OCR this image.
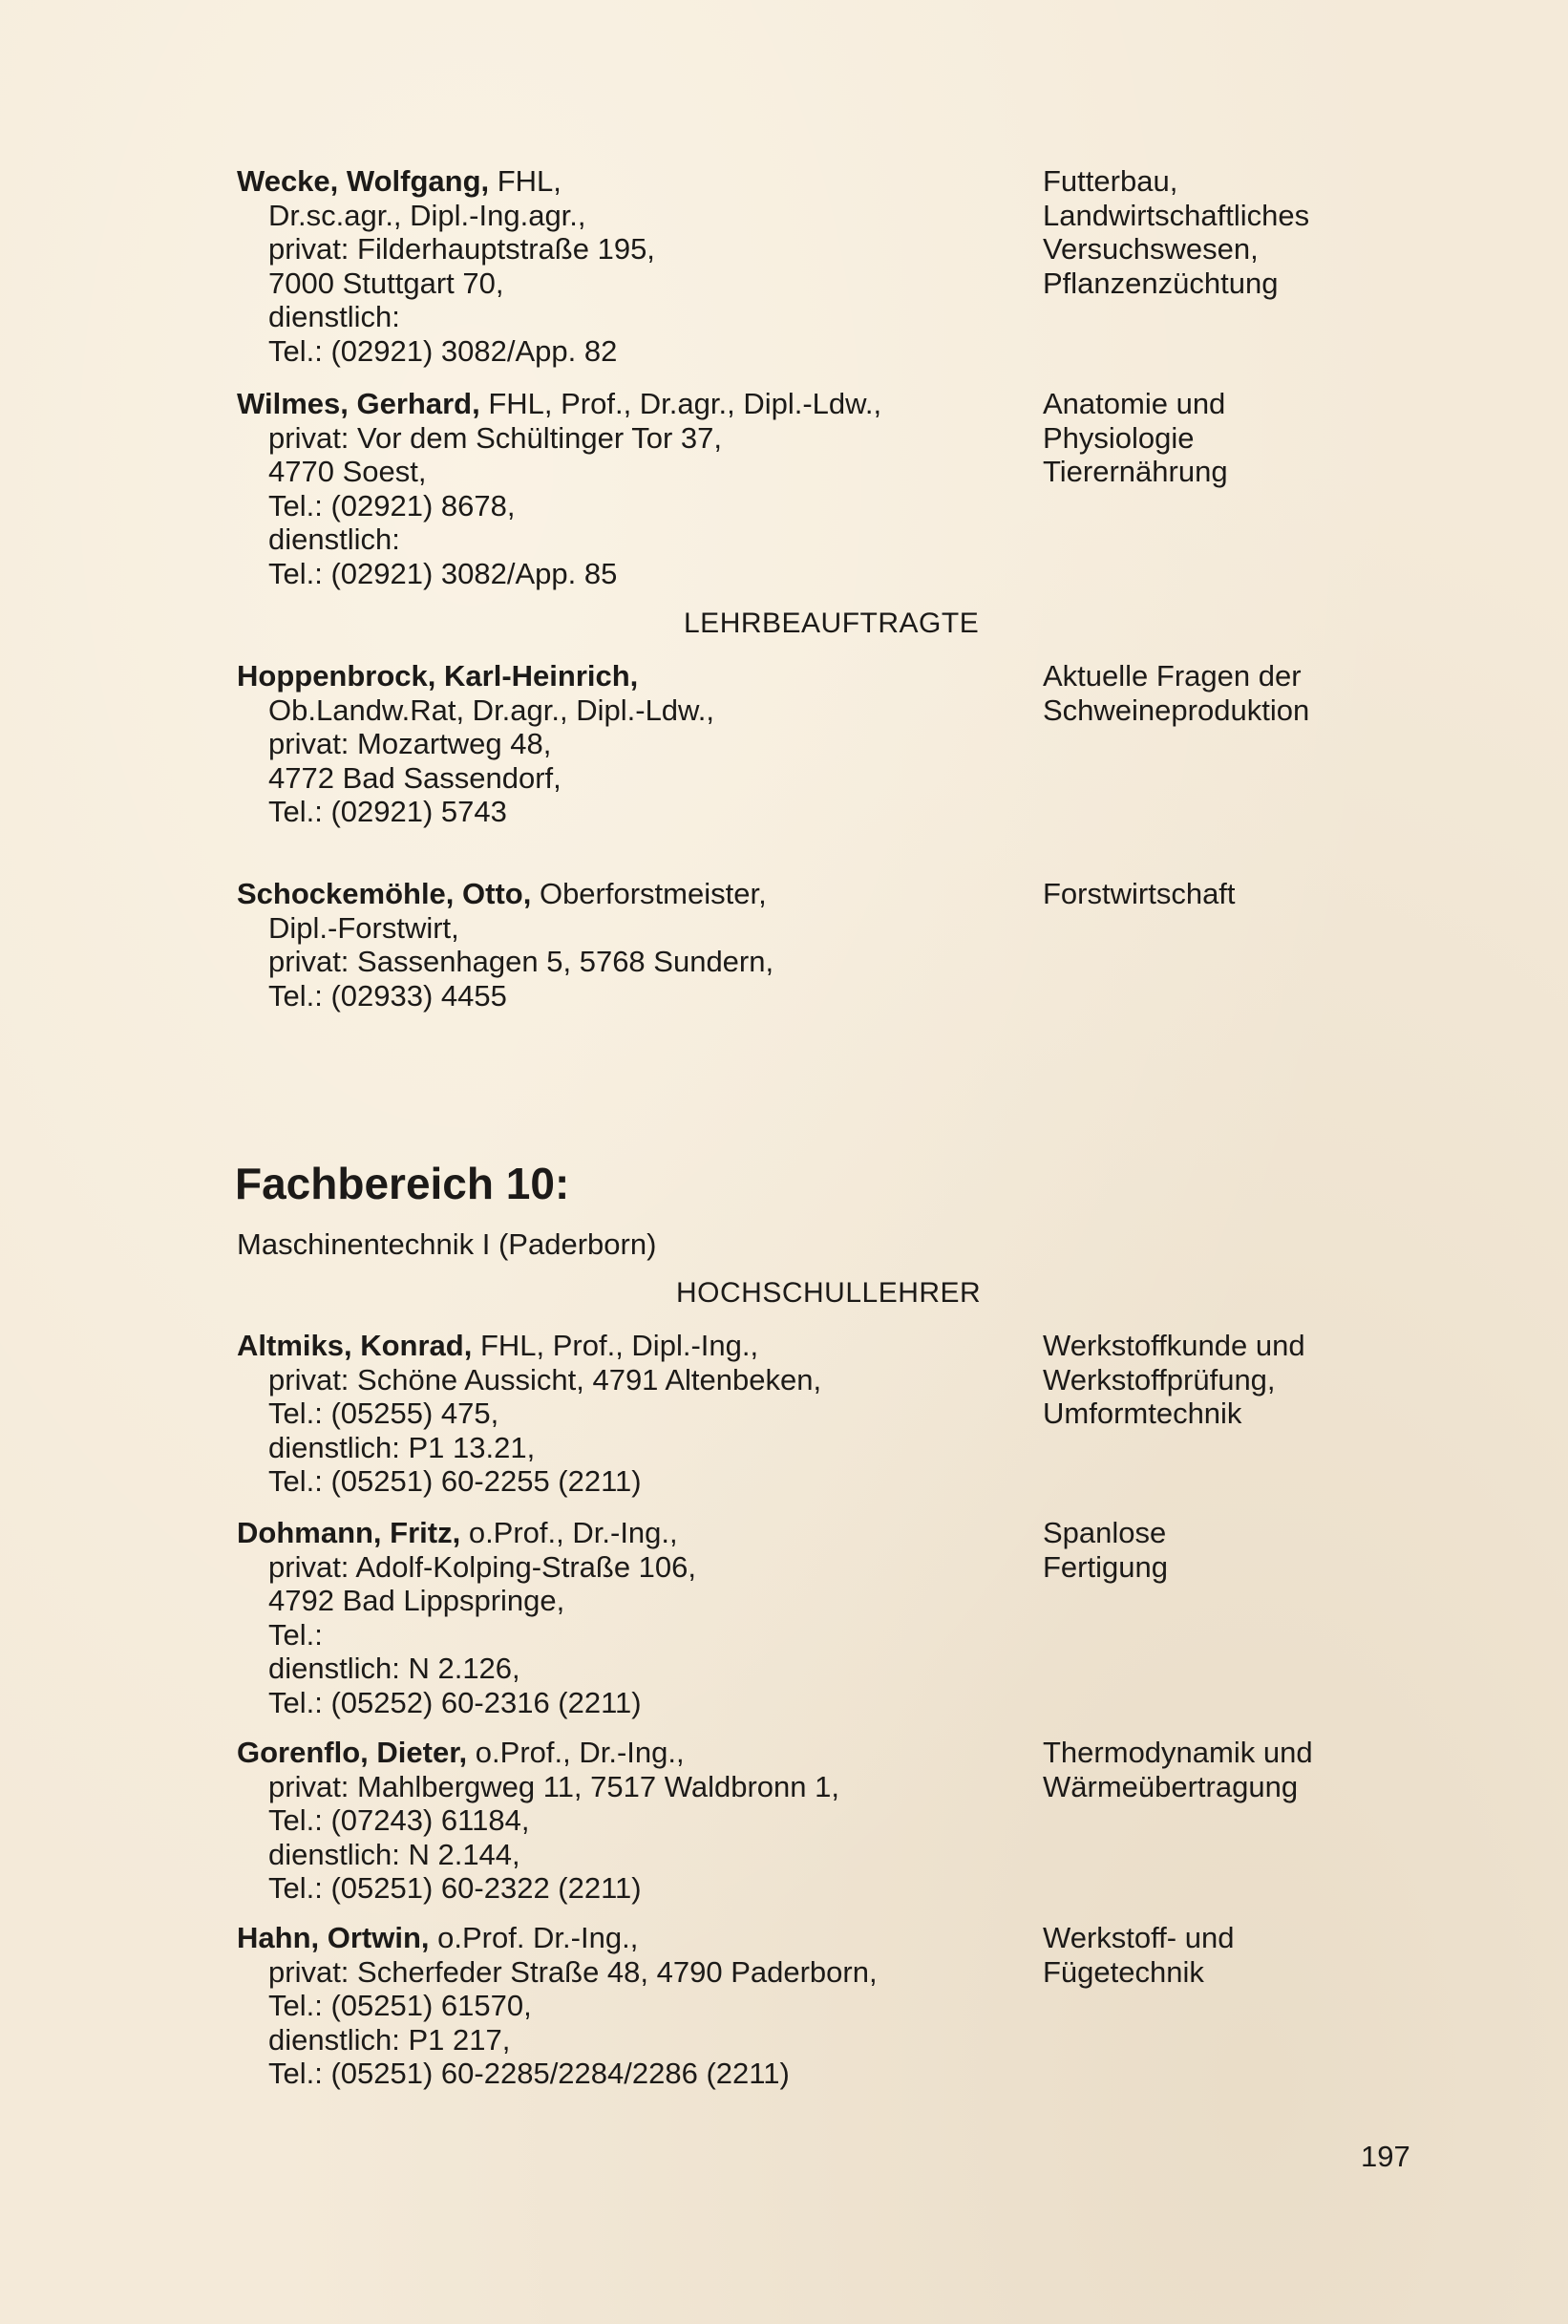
Wecke, Wolfgang, FHL,
Dr.sc.agr., Dipl.-Ing.agr.,
privat: Filderhauptstraße 195,
7000 Stuttgart 70,
dienstlich:
Tel.: (02921) 3082/App. 82
Futterbau,
Landwirtschaftliches
Versuchswesen,
Pflanzenzüchtung
Wilmes, Gerhard, FHL, Prof., Dr.agr., Dipl.-Ldw.,
privat: Vor dem Schültinger Tor 37,
4770 Soest,
Tel.: (02921) 8678,
dienstlich:
Tel.: (02921) 3082/App. 85
Anatomie und
Physiologie
Tierernährung
LEHRBEAUFTRAGTE
Hoppenbrock, Karl-Heinrich,
Ob.Landw.Rat, Dr.agr., Dipl.-Ldw.,
privat: Mozartweg 48,
4772 Bad Sassendorf,
Tel.: (02921) 5743
Aktuelle Fragen der
Schweineproduktion
Schockemöhle, Otto, Oberforstmeister,
Dipl.-Forstwirt,
privat: Sassenhagen 5, 5768 Sundern,
Tel.: (02933) 4455
Forstwirtschaft
Fachbereich 10:
Maschinentechnik I (Paderborn)
HOCHSCHULLEHRER
Altmiks, Konrad, FHL, Prof., Dipl.-Ing.,
privat: Schöne Aussicht, 4791 Altenbeken,
Tel.: (05255) 475,
dienstlich: P1 13.21,
Tel.: (05251) 60-2255 (2211)
Werkstoffkunde und
Werkstoffprüfung,
Umformtechnik
Dohmann, Fritz, o.Prof., Dr.-Ing.,
privat: Adolf-Kolping-Straße 106,
4792 Bad Lippspringe,
Tel.:
dienstlich: N 2.126,
Tel.: (05252) 60-2316 (2211)
Spanlose
Fertigung
Gorenflo, Dieter, o.Prof., Dr.-Ing.,
privat: Mahlbergweg 11, 7517 Waldbronn 1,
Tel.: (07243) 61184,
dienstlich: N 2.144,
Tel.: (05251) 60-2322 (2211)
Thermodynamik und
Wärmeübertragung
Hahn, Ortwin, o.Prof. Dr.-Ing.,
privat: Scherfeder Straße 48, 4790 Paderborn,
Tel.: (05251) 61570,
dienstlich: P1 217,
Tel.: (05251) 60-2285/2284/2286 (2211)
Werkstoff- und
Fügetechnik
197
